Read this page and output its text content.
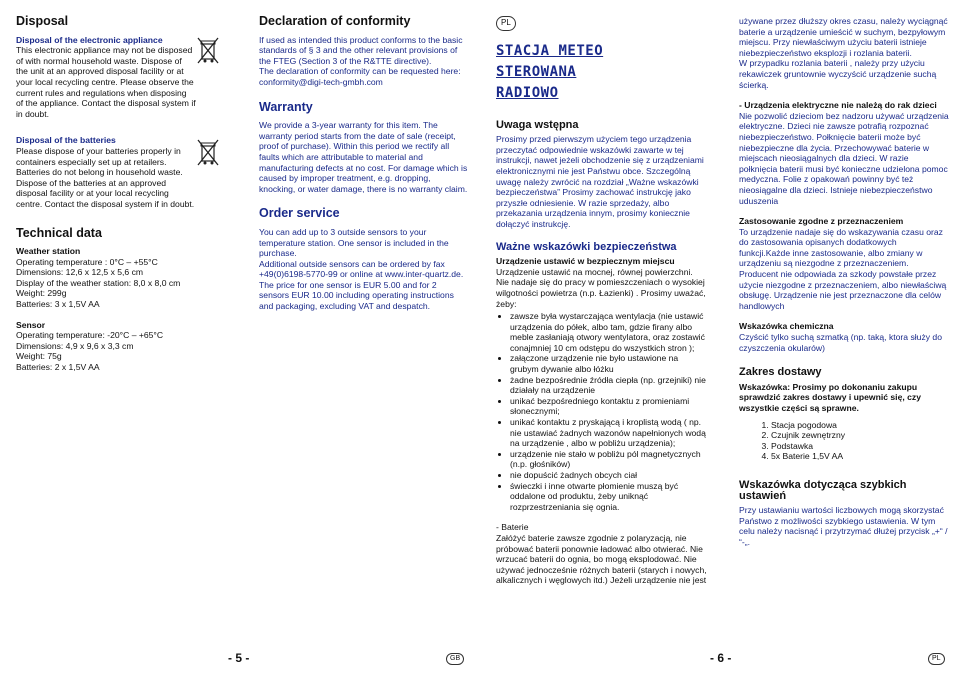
Disposal

Disposal of the electronic appliance

This electronic appliance may not be disposed of with normal household waste. Dispose of the unit at an approved disposal facility or at your local recycling centre. Please observe the current rules and regulations when disposing of the appliance. Contact the disposal system if in doubt.

Disposal of the batteries

Please dispose of your batteries properly in containers especially set up at retailers. Batteries do not belong in household waste. Dispose of the batteries at an approved disposal facility or at your local recycling centre. Contact the disposal system if in doubt.

Technical data

Weather station

Operating temperature : 0°C – +55°C

Dimensions: 12,6 x 12,5 x 5,6 cm

Display of the weather station: 8,0 x 8,0 cm

Weight: 299g

Batteries: 3 x 1,5V AA

Sensor

Operating temperature: -20°C – +65°C

Dimensions: 4,9 x 9,6 x 3,3 cm

Weight: 75g

Batteries: 2 x 1,5V AA

Declaration of conformity

If used as intended this product conforms to the basic standards of § 3 and the other relevant provisions of the FTEG (Section 3 of the R&TTE directive).

The declaration of conformity can be requested here: conformity@digi-tech-gmbh.com

Warranty

We provide a 3-year warranty for this item. The warranty period starts from the date of sale (receipt, proof of purchase). Within this period we rectify all faults which are attributable to material and manufacturing defects at no cost. For damage which is caused by improper treatment, e.g. dropping, knocking, or water damage, there is no warranty claim.

Order service

You can add up to 3 outside sensors to your temperature station. One sensor is included in the purchase.

Additional outside sensors can be ordered by fax +49(0)6198-5770-99 or online at www.inter-quartz.de.

The price for one sensor is EUR 5.00 and for 2 sensors EUR 10.00 including operating instructions and packaging, excluding VAT and despatch.

- 5 -	GB
PL
STACJA METEO
STEROWANA
RADIOWO
Uwaga wstępna

Prosimy przed pierwszym użyciem tego urządzenia przeczytać odpowiednie wskazówki zawarte w tej instrukcji, nawet jeżeli obchodzenie się z urządzeniami elektronicznymi nie jest Państwu obce. Szczególną uwagę należy zwrócić na rozdział „Ważne wskazówki bezpieczeństwa” Prosimy zachować instrukcję jako przyszłe odniesienie. W razie sprzedaży, albo przekazania urządzenia innym, prosimy koniecznie dołączyć instrukcję.

Ważne wskazówki bezpieczeństwa

Urządzenie ustawić w bezpiecznym miejscu

Urządzenie ustawić na mocnej, równej powierzchni. Nie nadaje się do pracy w pomieszczeniach o wysokiej wilgotności powietrza (n.p. Łazienki) . Prosimy uważać, żeby:

• zawsze była wystarczająca wentylacja (nie ustawić urządzenia do półek, albo tam, gdzie firany albo meble zasłaniają otwory wentylatora, oraz zostawić conajmniej 10 cm odstępu do wszystkich stron );
• załączone urządzenie nie było ustawione na grubym dywanie albo łóżku
• żadne bezpośrednie źródła ciepła (np. grzejniki) nie działały na urządzenie
• unikać bezpośredniego kontaktu z promieniami słonecznymi;
• unikać kontaktu z pryskającą i kroplistą wodą ( np. nie ustawiać żadnych wazonów napełnionych wodą na urządzenie , albo w pobliżu urządzenia);
• urządzenie nie stało w pobliżu pól magnetycznych (n.p. głośników)
• nie dopuścić żadnych obcych ciał
• świeczki i inne otwarte płomienie muszą być oddalone od produktu, żeby uniknąć rozprzestrzeniania się ognia.

- Baterie

Załóżyć baterie zawsze zgodnie z polaryzacją, nie próbować baterii ponownie ładować albo otwierać. Nie wrzucać baterii do ognia, bo mogą eksplodować. Nie używać jednocześnie różnych baterii (starych i nowych, alkalicznych i węglowych itd.) Jeżeli urządzenie nie jest

używane przez dłuższy okres czasu, należy wyciągnąć baterie a urządzenie umieścić w suchym, bezpyłowym miejscu. Przy niewłaściwym użyciu baterii istnieje niebezpieczeństwo eksplozji i rozlania baterii.

W przypadku rozlania baterii , należy przy użyciu rekawiczek gruntownie wyczyścić urządzenie suchą ścierką.

- Urządzenia elektryczne nie należą do rak dzieci

Nie pozwolić dzieciom bez nadzoru używać urządzenia elektryczne. Dzieci nie zawsze potrafią rozpoznać niebezpieczeństwo. Połknięcie baterii może być niebezpieczne dla życia. Przechowywać baterie w miejscach nieosiągalnych dla dzieci. W razie połknięcia baterii musi być konieczne udzielona pomoc medyczna. Folie z opakowań powinny być też nieosiągalne dla dzieci. Istnieje niebezpieczeństwo uduszenia

Zastosowanie zgodne z przeznaczeniem

To urządzenie nadaje się do wskazywania czasu oraz do zastosowania opisanych dodatkowych funkcji.Każde inne zastosowanie, albo zmiany w urządzeniu są niezgodne z przeznaczeniem. Producent nie odpowiada za szkody powstałe przez użycie niezgodne z przeznaczeniem, albo niewłaściwą obsługę. Urządzenie nie jest przeznaczone dla celów handlowych

Wskazówka chemiczna

Czyścić tylko suchą szmatką (np. taką, ktora służy do czyszczenia okularów)

Zakres dostawy

Wskazówka: Prosimy po dokonaniu zakupu sprawdzić zakres dostawy i upewnić się, czy wszystkie części są sprawne.

1. Stacja pogodowa
2. Czujnik zewnętrzny
3. Podstawka
4. 5x Baterie 1,5V AA
Wskazówka dotycząca szybkich ustawień

Przy ustawianiu wartości liczbowych mogą skorzystać Państwo z możliwości szybkiego ustawienia. W tym celu należy nacisnąć i przytrzymać dłużej przycisk „+“ / “-„.

- 6 -	PL
